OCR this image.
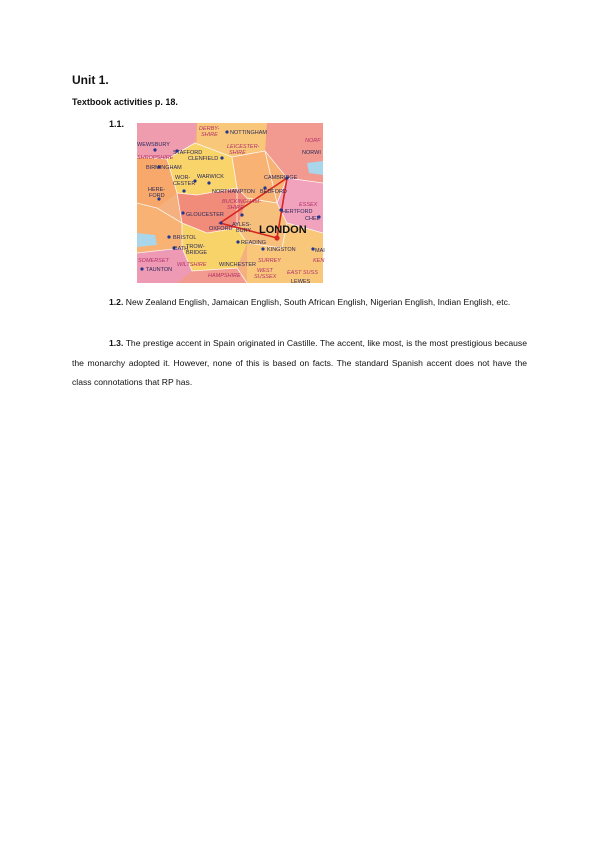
Unit 1.
Textbook activities p. 18.
1.1.	DERBY-
SHIRE NOTTINGHAM
WEWSBURY
STAFFORD
LEICESTER-
SHIRE
NORF
NORWI
SHROPSHIRE	CLENFIELD
BIRMINGHAM
WARWICK	CAMBRIDGE
WOR-
CESTER
HERE-
FORD
NORTHAMPTON BEDFORD
BUCKINGHAM-
SHIRE
HERTFORD
ESSEX
CHEL
GLOUCESTER
OXFORD
AYLES-
BURY
BRISTOL
BATH
TROW-
BRIDGE
READING
KINGSTON	MAI
KEN
SOMERSET
WILTSHIRE WINCHESTER
SURREY
TAUNTON
HAMPSHIRE
WEST
SUSSEX
EAST SUSS
LEWES
LONDON
1.2. New Zealand English, Jamaican English, South African English, Nigerian English, Indian English, etc.
1.3. The prestige accent in Spain originated in Castille. The accent, like most, is the most prestigious because the monarchy adopted it. However, none of this is based on facts. The standard Spanish accent does not have the class connotations that RP has.
